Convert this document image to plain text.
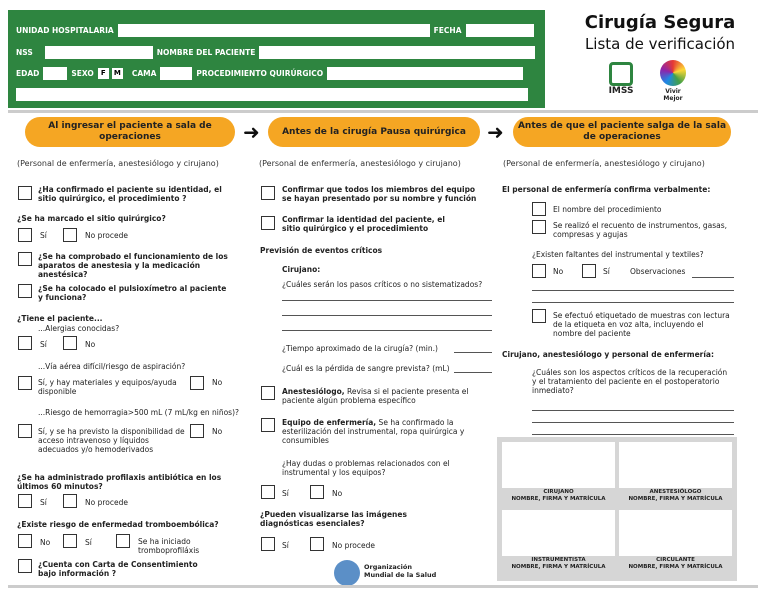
UNIDAD HOSPITALARIA	FECHA
NSS	NOMBRE DEL PACIENTE
EDAD	SEXO	F	M CAMA	PROCEDIMIENTO QUIRÚRGICO
Cirugía Segura
Lista de verificación
IMSS	Vivir Mejor
Al ingresar el paciente a sala de operaciones	➜	Antes de la cirugía Pausa quirúrgica	➜	Antes de que el paciente salga de la sala de operaciones
(Personal de enfermería, anestesiólogo y cirujano)	(Personal de enfermería, anestesiólogo y cirujano)	(Personal de enfermería, anestesiólogo y cirujano)
¿Ha confirmado el paciente su identidad, el sitio quirúrgico, el procedimiento ?
¿Se ha marcado el sitio quirúrgico?
Sí	No procede
¿Se ha comprobado el funcionamiento de los aparatos de anestesia y la medicación anestésica?
¿Se ha colocado el pulsioxímetro al paciente y funciona?
¿Tiene el paciente...
...Alergias conocidas?
Sí	No
...Vía aérea difícil/riesgo de aspiración?
Sí, y hay materiales y equipos/ayuda disponible
No
...Riesgo de hemorragia>500 mL (7 mL/kg en niños)?
Sí, y se ha previsto la disponibilidad de acceso intravenoso y líquidos adecuados y/o hemoderivados
No
¿Se ha administrado profilaxis antibiótica en los últimos 60 minutos?
Sí	No procede
¿Existe riesgo de enfermedad tromboembólica?
No	Sí	Se ha iniciado tromboprofiláxis
¿Cuenta con Carta de Consentimiento bajo información ?
Confirmar que todos los miembros del equipo se hayan presentado por su nombre y función
Confirmar la identidad del paciente, el sitio quirúrgico y el procedimiento
Previsión de eventos críticos
Cirujano:
¿Cuáles serán los pasos críticos o no sistematizados?
¿Tiempo aproximado de la cirugía? (min.)
¿Cuál es la pérdida de sangre prevista? (mL)
Anestesiólogo, Revisa si el paciente presenta el paciente algún problema específico
Equipo de enfermería, Se ha confirmado la esterilización del instrumental, ropa quirúrgica y consumibles
¿Hay dudas o problemas relacionados con el instrumental y los equipos?
Sí	No
¿Pueden visualizarse las imágenes diagnósticas esenciales?
Sí	No procede
Organización
Mundial de la Salud
El personal de enfermería confirma verbalmente:
El nombre del procedimiento
Se realizó el recuento de instrumentos, gasas, compresas y agujas
¿Existen faltantes del instrumental y textiles?
No	Sí	Observaciones
Se efectuó etiquetado de muestras con lectura de la etiqueta en voz alta, incluyendo el nombre del paciente
Cirujano, anestesiólogo y personal de enfermería:
¿Cuáles son los aspectos críticos de la recuperación y el tratamiento del paciente en el postoperatorio inmediato?
CIRUJANO
NOMBRE, FIRMA Y MATRÍCULA
ANESTESIÓLOGO
NOMBRE, FIRMA Y MATRÍCULA
INSTRUMENTISTA
NOMBRE, FIRMA Y MATRÍCULA
CIRCULANTE
NOMBRE, FIRMA Y MATRÍCULA
